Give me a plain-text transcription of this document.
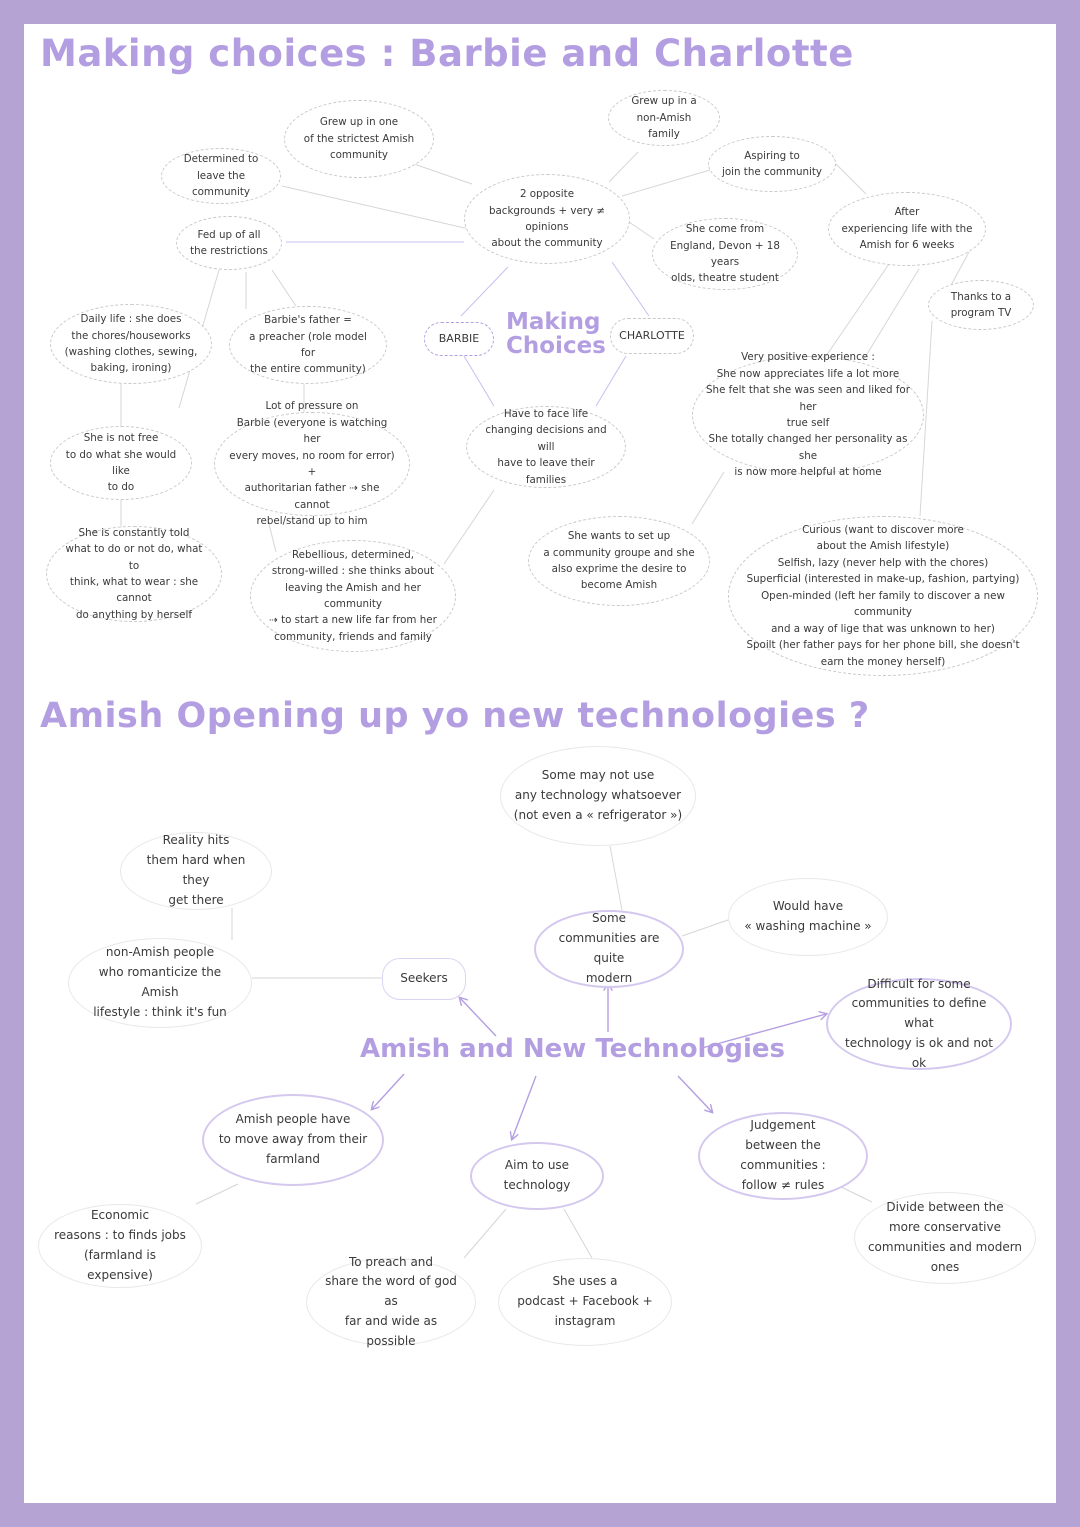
Making choices : Barbie and Charlotte
Grew up in one
of the strictest Amish
community
Determined to
leave the community
Fed up of all
the restrictions
2 opposite
backgrounds + very ≠ opinions
about the community
Grew up in a
non-Amish family
Aspiring to
join the community
She come from
England, Devon + 18 years
olds, theatre student
After
experiencing life with the
Amish for 6 weeks
Thanks to a
program TV
Daily life : she does
the chores/houseworks
(washing clothes, sewing,
baking, ironing)
Barbie's father =
a preacher (role model for
the entire community)
BARBIE
Making
Choices CHARLOTTE
She is not free
to do what she would like
to do
Lot of pressure on
Barbie (everyone is watching her
every moves, no room for error) +
authoritarian father ⇢ she cannot
rebel/stand up to him
Have to face life
changing decisions and will
have to leave their families
Very positive experience :
She now appreciates life a lot more
She felt that she was seen and liked for her
true self
She totally changed her personality as she
is now more helpful at home
She is constantly told
what to do or not do, what to
think, what to wear : she cannot
do anything by herself
Rebellious, determined,
strong-willed : she thinks about
leaving the Amish and her community
⇢ to start a new life far from her
community, friends and family
She wants to set up
a community groupe and she
also exprime the desire to
become Amish
Curious (want to discover more
about the Amish lifestyle)
Selfish, lazy (never help with the chores)
Superficial (interested in make-up, fashion, partying)
Open-minded (left her family to discover a new community
and a way of lige that was unknown to her)
Spoilt (her father pays for her phone bill, she doesn't
earn the money herself)
Amish Opening up yo new technologies ?
Some may not use
any technology whatsoever
(not even a « refrigerator »)
Reality hits
them hard when they
get there	Would have
« washing machine »
Some
communities are quite
modern
non-Amish people
who romanticize the Amish
lifestyle : think it's fun
Seekers	Difficult for some
communities to define what
technology is ok and not ok
Amish and New Technologies
Amish people have
to move away from their
farmland	Aim to use
technology
Judgement
between the communities :
follow ≠ rules
Economic
reasons : to finds jobs
(farmland is expensive)
Divide between the
more conservative
communities and modern
ones
To preach and
share the word of god as
far and wide as possible
She uses a
podcast + Facebook +
instagram
